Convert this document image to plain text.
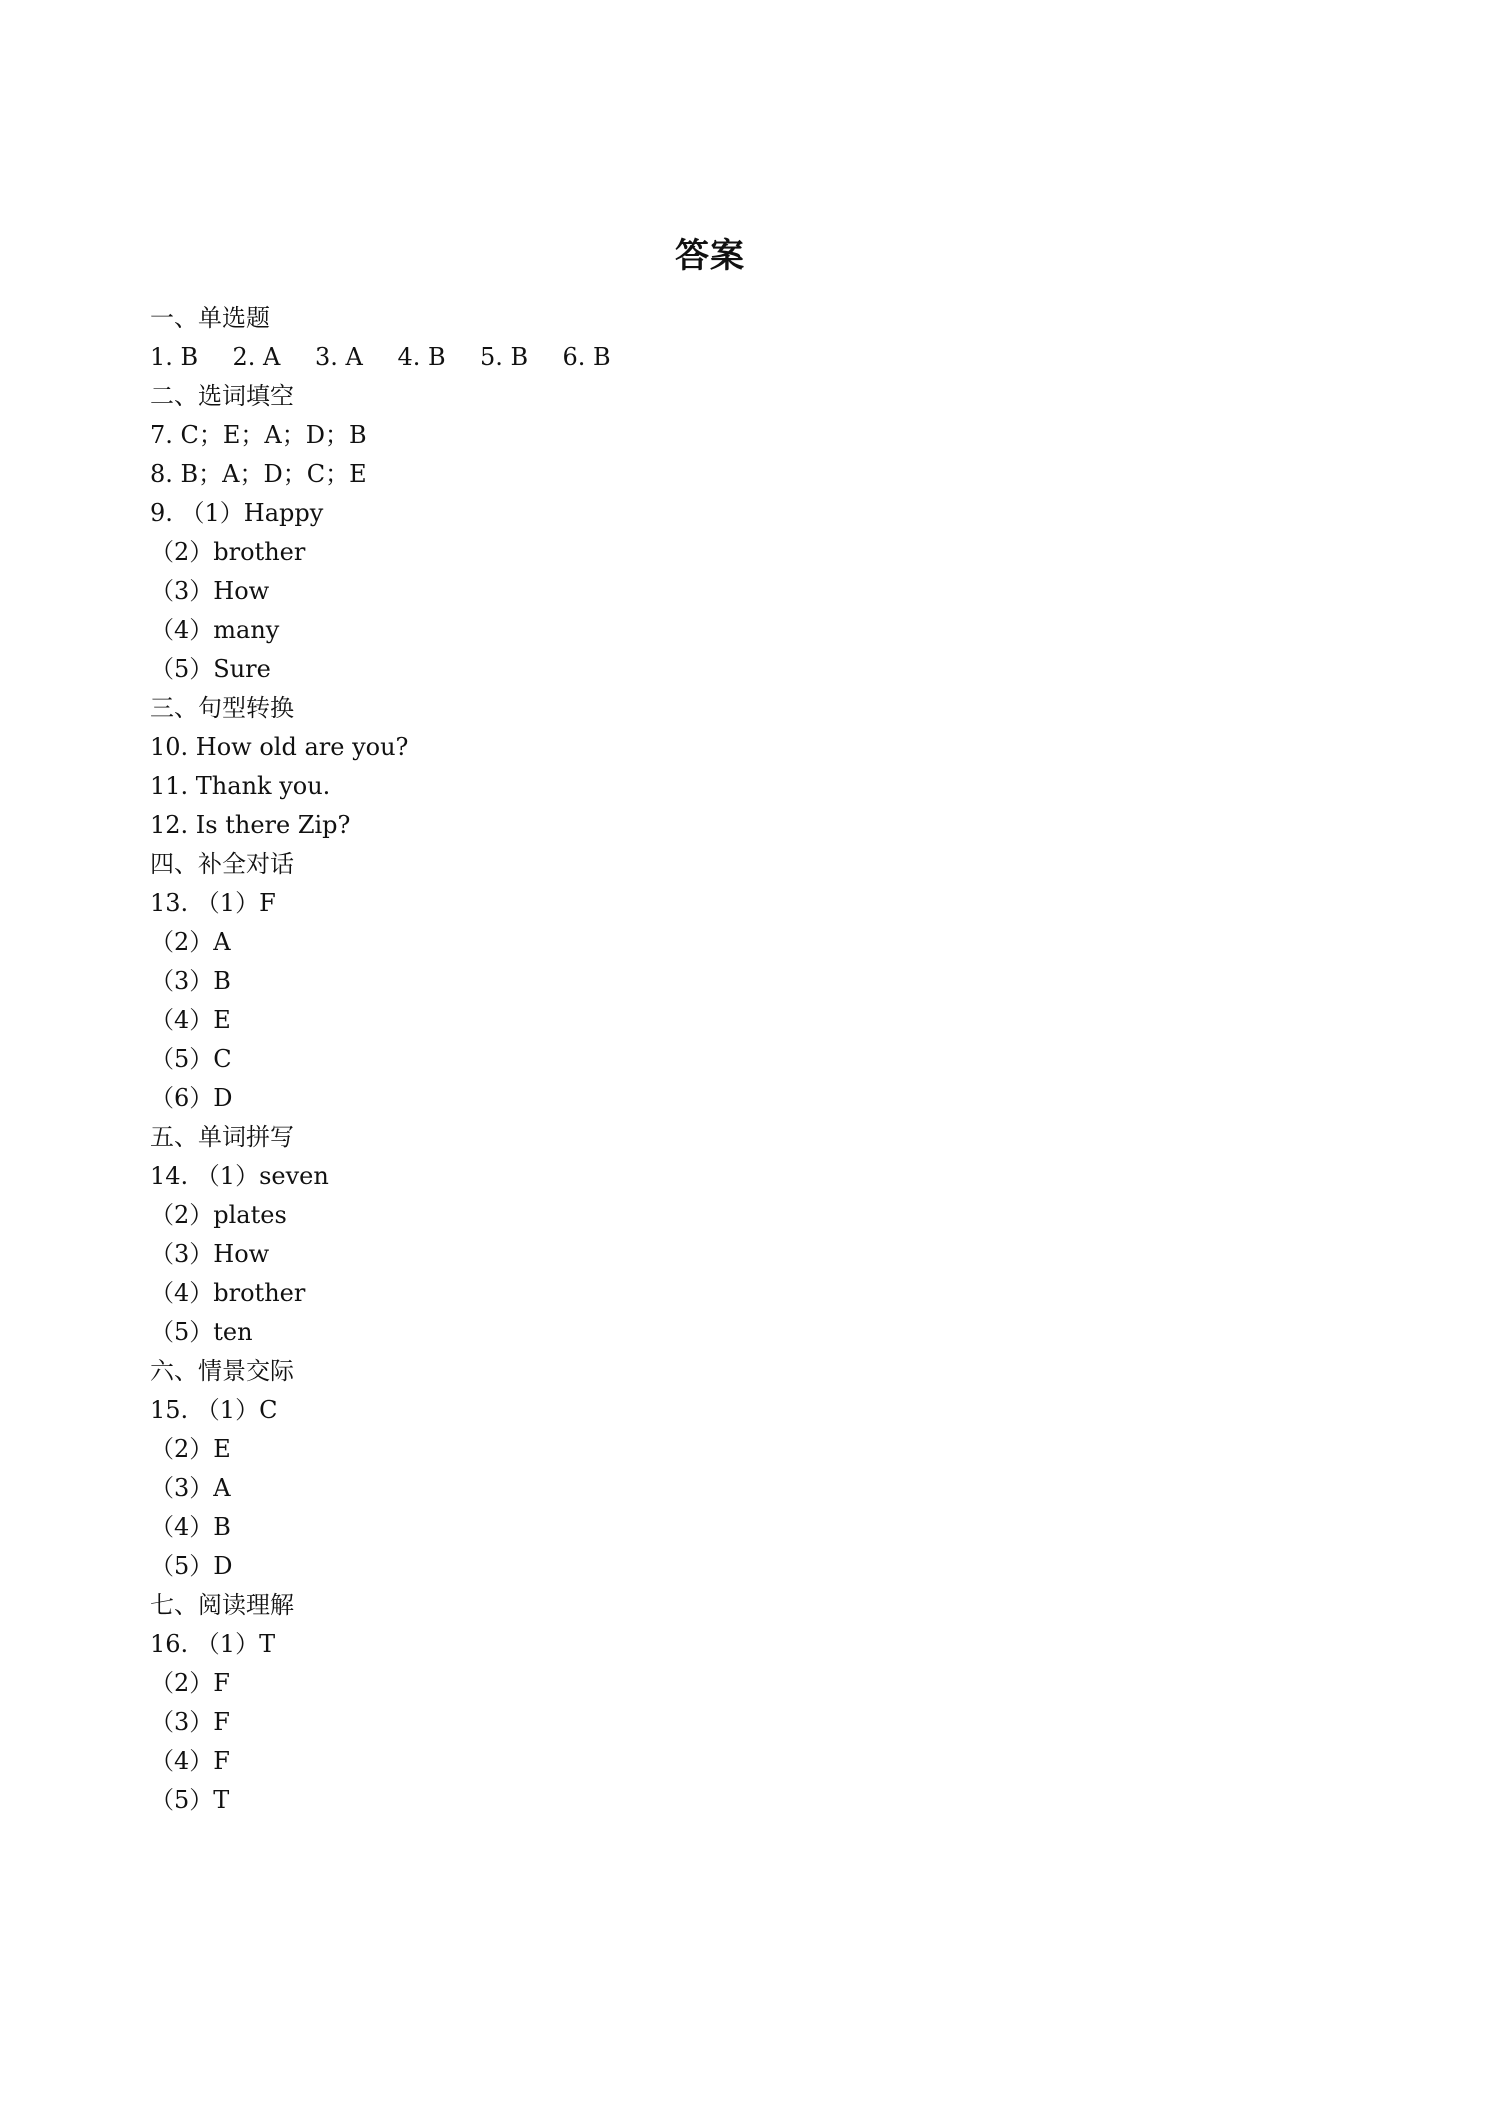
答案
一、单选题
1. B	2. A	3. A	4. B	5. B	6. B
二、选词填空
7. C；E；A；D；B
8. B；A；D；C；E
9. （1）Happy
（2）brother
（3）How
（4）many
（5）Sure
三、句型转换
10. How old are you?
11. Thank you.
12. Is there Zip?
四、补全对话
13. （1）F
（2）A
（3）B
（4）E
（5）C
（6）D
五、单词拼写
14. （1）seven
（2）plates
（3）How
（4）brother
（5）ten
六、情景交际
15. （1）C
（2）E
（3）A
（4）B
（5）D
七、阅读理解
16. （1）T
（2）F
（3）F
（4）F
（5）T
